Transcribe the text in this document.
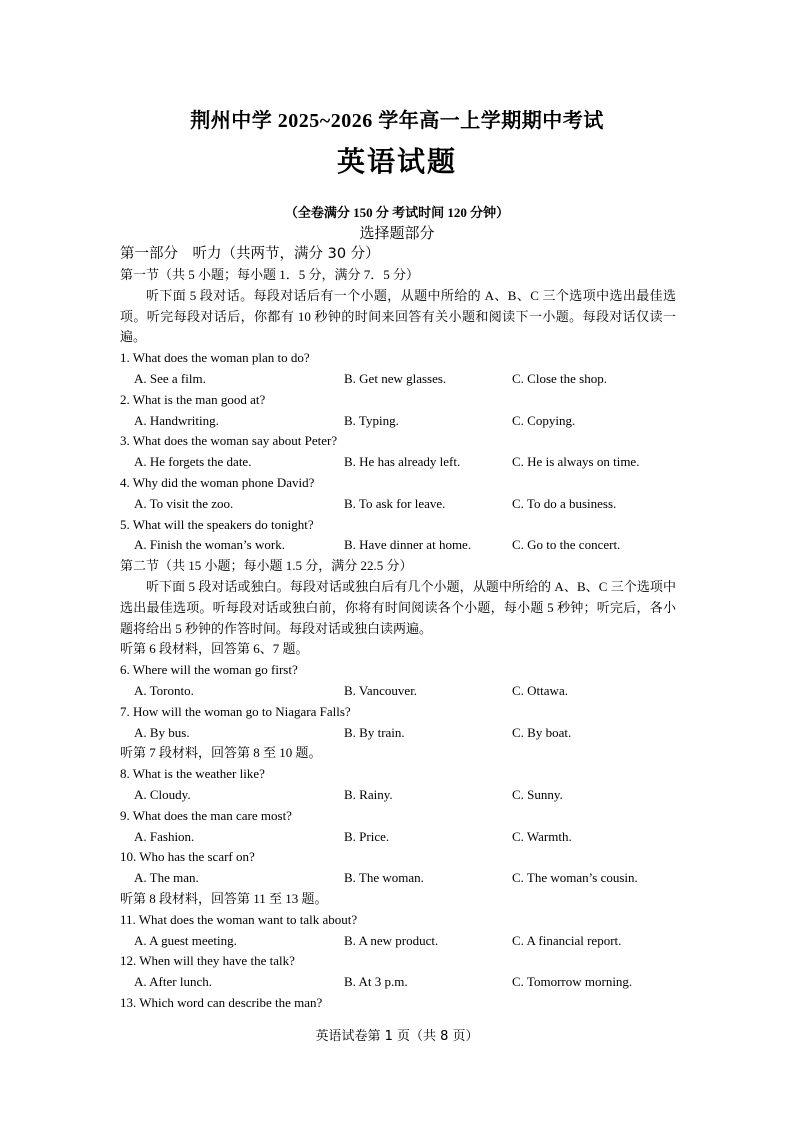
荆州中学 2025~2026 学年高一上学期期中考试
英语试题
（全卷满分 150 分 考试时间 120 分钟）
选择题部分
第一部分　听力（共两节，满分 30 分）
第一节（共 5 小题；每小题 1．5 分，满分 7．5 分）
听下面 5 段对话。每段对话后有一个小题，从题中所给的 A、B、C 三个选项中选出最佳选项。听完每段对话后，你都有 10 秒钟的时间来回答有关小题和阅读下一小题。每段对话仅读一遍。
1. What does the woman plan to do?
A. See a film.	B. Get new glasses.	C. Close the shop.
2. What is the man good at?
A. Handwriting.	B. Typing.	C. Copying.
3. What does the woman say about Peter?
A. He forgets the date.	B. He has already left.	C. He is always on time.
4. Why did the woman phone David?
A. To visit the zoo.	B. To ask for leave.	C. To do a business.
5. What will the speakers do tonight?
A. Finish the woman’s work.	B. Have dinner at home.	C. Go to the concert.
第二节（共 15 小题；每小题 1.5 分，满分 22.5 分）
听下面 5 段对话或独白。每段对话或独白后有几个小题，从题中所给的 A、B、C 三个选项中选出最佳选项。听每段对话或独白前，你将有时间阅读各个小题，每小题 5 秒钟；听完后，各小题将给出 5 秒钟的作答时间。每段对话或独白读两遍。
听第 6 段材料，回答第 6、7 题。
6. Where will the woman go first?
A. Toronto.	B. Vancouver.	C. Ottawa.
7. How will the woman go to Niagara Falls?
A. By bus.	B. By train.	C. By boat.
听第 7 段材料，回答第 8 至 10 题。
8. What is the weather like?
A. Cloudy.	B. Rainy.	C. Sunny.
9. What does the man care most?
A. Fashion.	B. Price.	C. Warmth.
10. Who has the scarf on?
A. The man.	B. The woman.	C. The woman’s cousin.
听第 8 段材料，回答第 11 至 13 题。
11. What does the woman want to talk about?
A. A guest meeting.	B. A new product.	C. A financial report.
12. When will they have the talk?
A. After lunch.	B. At 3 p.m.	C. Tomorrow morning.
13. Which word can describe the man?
英语试卷第 1 页（共 8 页）
